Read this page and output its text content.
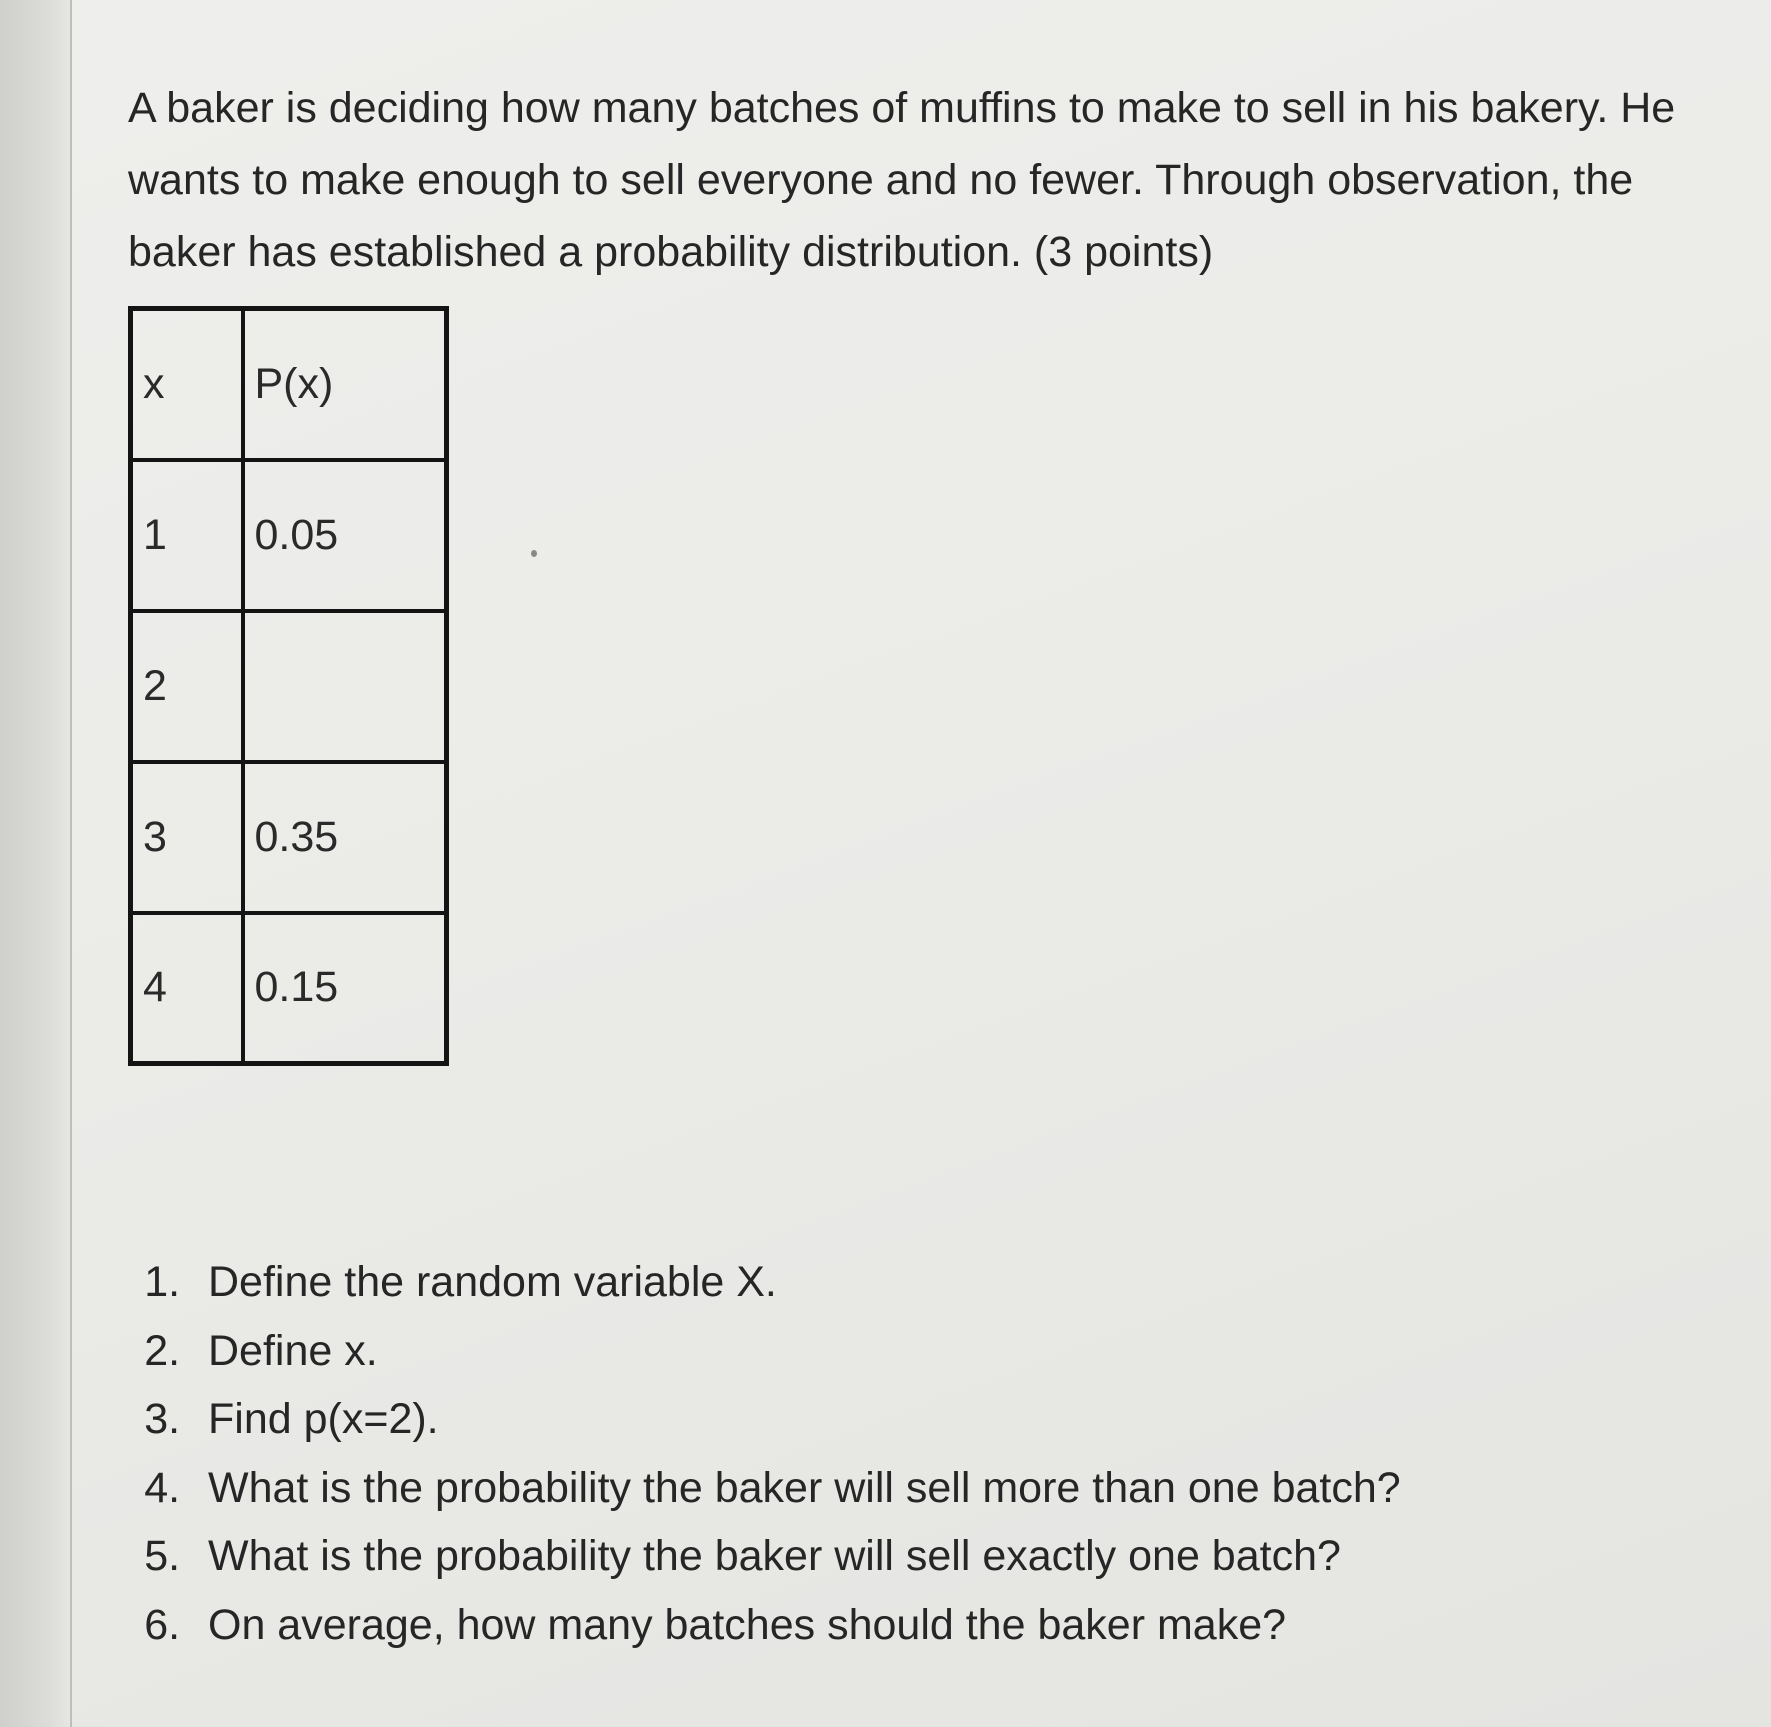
A baker is deciding how many batches of muffins to make to sell in his bakery. He wants to make enough to sell everyone and no fewer. Through observation, the baker has established a probability distribution. (3 points)

x	P(x)
1	0.05
2	
3	0.35
4	0.15
1. Define the random variable X.
2. Define x.
3. Find p(x=2).
4. What is the probability the baker will sell more than one batch?
5. What is the probability the baker will sell exactly one batch?
6. On average, how many batches should the baker make?
